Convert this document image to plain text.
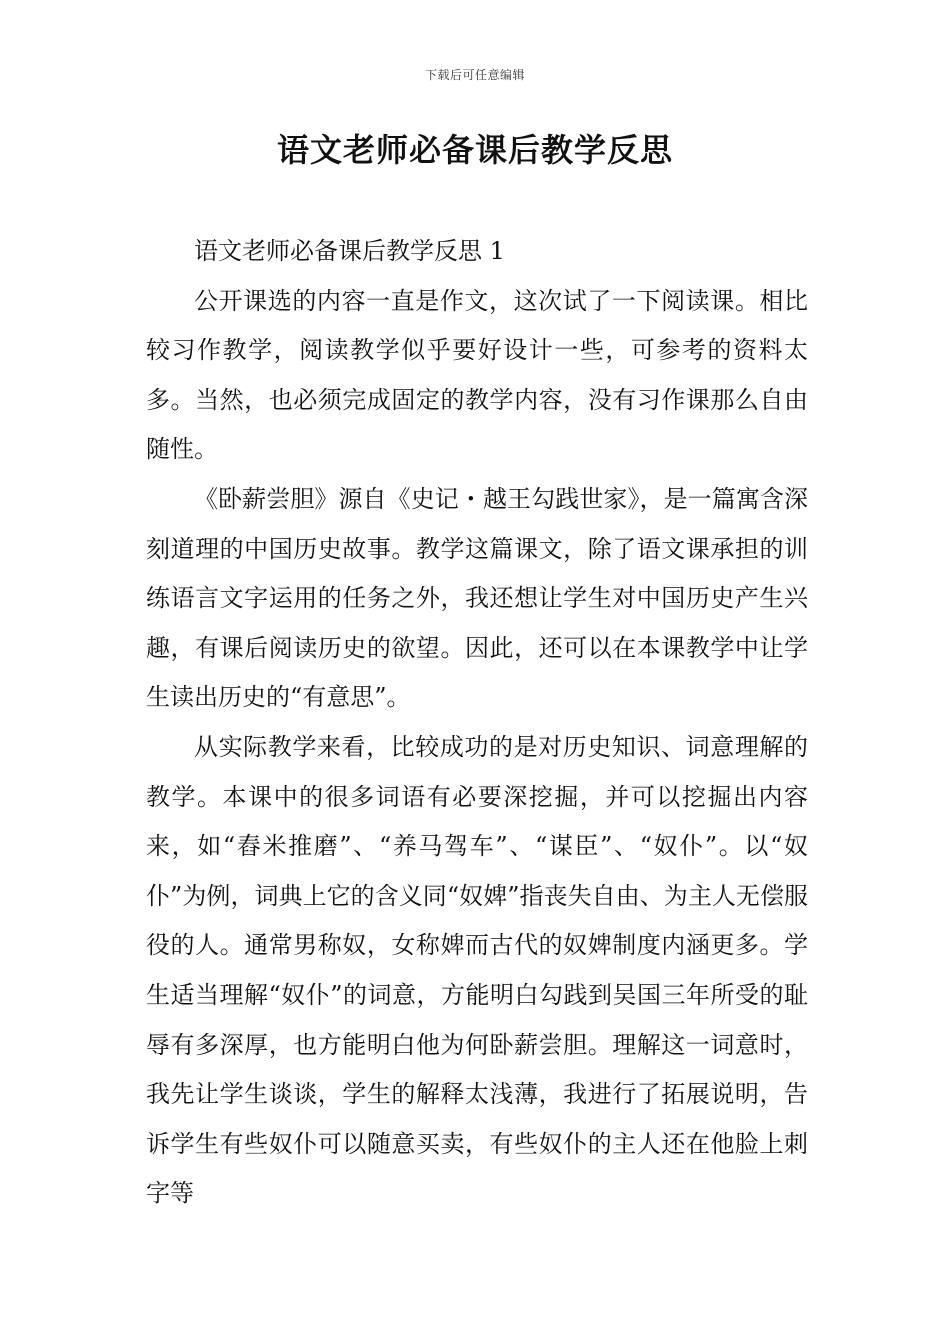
下载后可任意编辑
语文老师必备课后教学反思

语文老师必备课后教学反思 1

公开课选的内容一直是作文，这次试了一下阅读课。相比较习作教学，阅读教学似乎要好设计一些，可参考的资料太多。当然，也必须完成固定的教学内容，没有习作课那么自由随性。

《卧薪尝胆》源自《史记・越王勾践世家》，是一篇寓含深刻道理的中国历史故事。教学这篇课文，除了语文课承担的训练语言文字运用的任务之外，我还想让学生对中国历史产生兴趣，有课后阅读历史的欲望。因此，还可以在本课教学中让学生读出历史的“有意思”。

从实际教学来看，比较成功的是对历史知识、词意理解的教学。本课中的很多词语有必要深挖掘，并可以挖掘出内容来，如“舂米推磨”、“养马驾车”、“谋臣”、“奴仆”。以“奴仆”为例，词典上它的含义同“奴婢”指丧失自由、为主人无偿服役的人。通常男称奴，女称婢而古代的奴婢制度内涵更多。学生适当理解“奴仆”的词意，方能明白勾践到吴国三年所受的耻辱有多深厚，也方能明白他为何卧薪尝胆。理解这一词意时，我先让学生谈谈，学生的解释太浅薄，我进行了拓展说明，告诉学生有些奴仆可以随意买卖，有些奴仆的主人还在他脸上刺字等
